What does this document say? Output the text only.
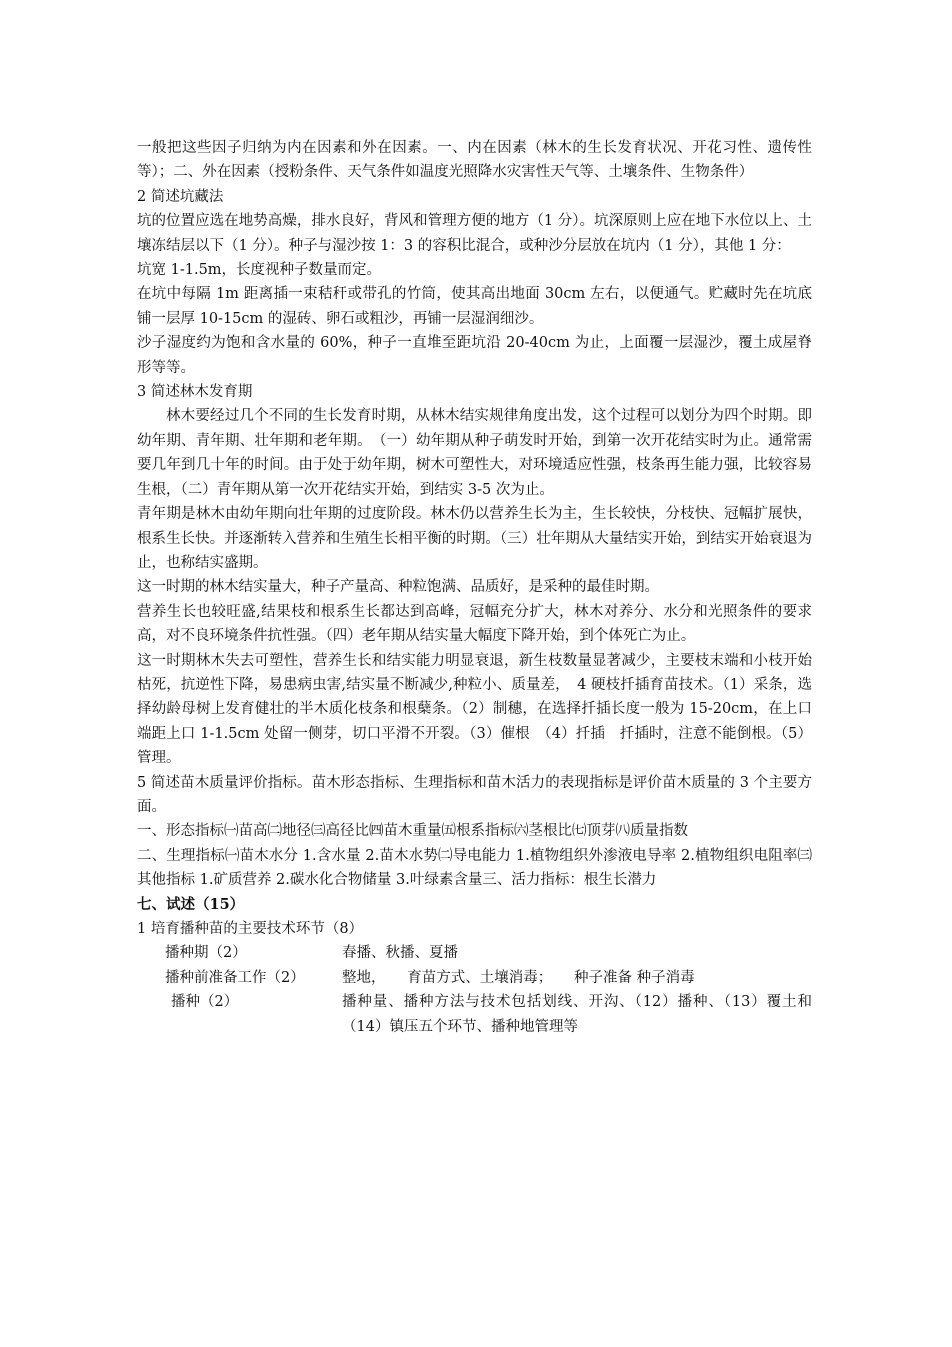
一般把这些因子归纳为内在因素和外在因素。一、内在因素（林木的生长发育状况、开花习性、遗传性等）；二、外在因素（授粉条件、天气条件如温度光照降水灾害性天气等、土壤条件、生物条件）

2 简述坑藏法

坑的位置应选在地势高燥，排水良好，背风和管理方便的地方（1 分）。坑深原则上应在地下水位以上、土壤冻结层以下（1 分）。种子与湿沙按 1：3 的容积比混合，或种沙分层放在坑内（1 分），其他 1 分：

坑宽 1-1.5m，长度视种子数量而定。

在坑中每隔 1m 距离插一束秸秆或带孔的竹筒，使其高出地面 30cm 左右，以便通气。贮藏时先在坑底铺一层厚 10-15cm 的湿砖、卵石或粗沙，再铺一层湿润细沙。

沙子湿度约为饱和含水量的 60%，种子一直堆至距坑沿 20-40cm 为止，上面覆一层湿沙，覆土成屋脊形等等。

3 简述林木发育期

林木要经过几个不同的生长发育时期，从林木结实规律角度出发，这个过程可以划分为四个时期。即幼年期、青年期、壮年期和老年期。　（一）幼年期从种子萌发时开始，到第一次开花结实时为止。通常需要几年到几十年的时间。由于处于幼年期，树木可塑性大，对环境适应性强，枝条再生能力强，比较容易生根，（二）青年期从第一次开花结实开始，到结实 3-5 次为止。

青年期是林木由幼年期向壮年期的过度阶段。林木仍以营养生长为主，生长较快，分枝快、冠幅扩展快，根系生长快。并逐渐转入营养和生殖生长相平衡的时期。（三）壮年期从大量结实开始，到结实开始衰退为止，也称结实盛期。

这一时期的林木结实量大，种子产量高、种粒饱满、品质好，是采种的最佳时期。

营养生长也较旺盛,结果枝和根系生长都达到高峰，冠幅充分扩大，林木对养分、水分和光照条件的要求高，对不良环境条件抗性强。（四）老年期从结实量大幅度下降开始，到个体死亡为止。

这一时期林木失去可塑性，营养生长和结实能力明显衰退，新生枝数量显著减少，主要枝末端和小枝开始枯死，抗逆性下降，易患病虫害,结实量不断减少,种粒小、质量差，　4 硬枝扦插育苗技术。（1）采条，选择幼龄母树上发育健壮的半木质化枝条和根蘖条。（2）制穗，在选择扦插长度一般为 15-20cm，在上口端距上口 1-1.5cm 处留一侧芽，切口平滑不开裂。（3）催根　（4）扦插　扦插时，注意不能倒根。（5）管理。

5 简述苗木质量评价指标。苗木形态指标、生理指标和苗木活力的表现指标是评价苗木质量的 3 个主要方面。

一、形态指标㈠苗高㈡地径㈢高径比㈣苗木重量㈤根系指标㈥茎根比㈦顶芽㈧质量指数

二、生理指标㈠苗木水分 1.含水量 2.苗木水势㈡导电能力 1.植物组织外渗液电导率 2.植物组织电阻率㈢其他指标 1.矿质营养 2.碳水化合物储量 3.叶绿素含量三、活力指标：根生长潜力

七、试述（15）

1 培育播种苗的主要技术环节（8）

播种期（2）	春播、秋播、夏播
播种前准备工作（2）	整地，　　育苗方式、土壤消毒；　　种子准备 种子消毒
播种（2）	播种量、播种方法与技术包括划线、开沟、（12）播种、（13）覆土和（14）镇压五个环节、播种地管理等
